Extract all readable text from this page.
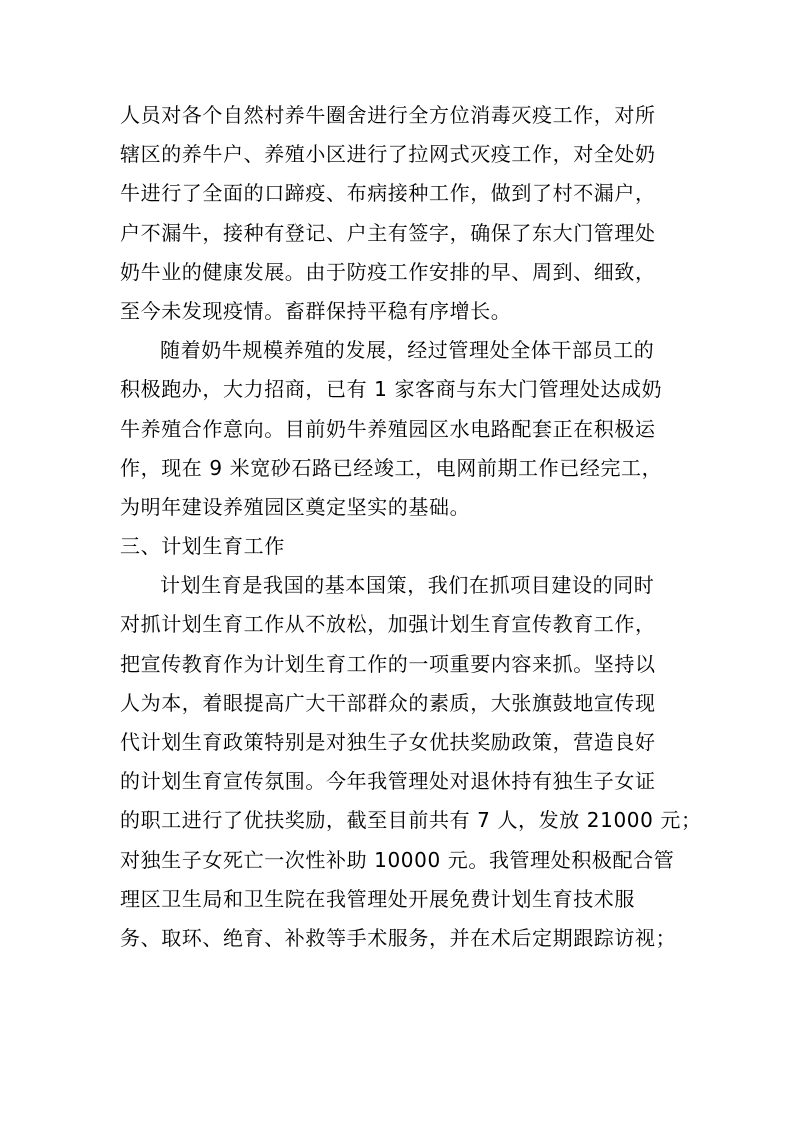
人员对各个自然村养牛圈舍进行全方位消毒灭疫工作，对所
辖区的养牛户、养殖小区进行了拉网式灭疫工作，对全处奶
牛进行了全面的口蹄疫、布病接种工作，做到了村不漏户，
户不漏牛，接种有登记、户主有签字，确保了东大门管理处
奶牛业的健康发展。由于防疫工作安排的早、周到、细致，
至今未发现疫情。畜群保持平稳有序增长。
随着奶牛规模养殖的发展，经过管理处全体干部员工的
积极跑办，大力招商，已有 1 家客商与东大门管理处达成奶
牛养殖合作意向。目前奶牛养殖园区水电路配套正在积极运
作，现在 9 米宽砂石路已经竣工，电网前期工作已经完工，
为明年建设养殖园区奠定坚实的基础。
三、计划生育工作
计划生育是我国的基本国策，我们在抓项目建设的同时
对抓计划生育工作从不放松，加强计划生育宣传教育工作，
把宣传教育作为计划生育工作的一项重要内容来抓。坚持以
人为本，着眼提高广大干部群众的素质，大张旗鼓地宣传现
代计划生育政策特别是对独生子女优扶奖励政策，营造良好
的计划生育宣传氛围。今年我管理处对退休持有独生子女证
的职工进行了优扶奖励，截至目前共有 7 人，发放 21000 元；
对独生子女死亡一次性补助 10000 元。我管理处积极配合管
理区卫生局和卫生院在我管理处开展免费计划生育技术服
务、取环、绝育、补救等手术服务，并在术后定期跟踪访视；
